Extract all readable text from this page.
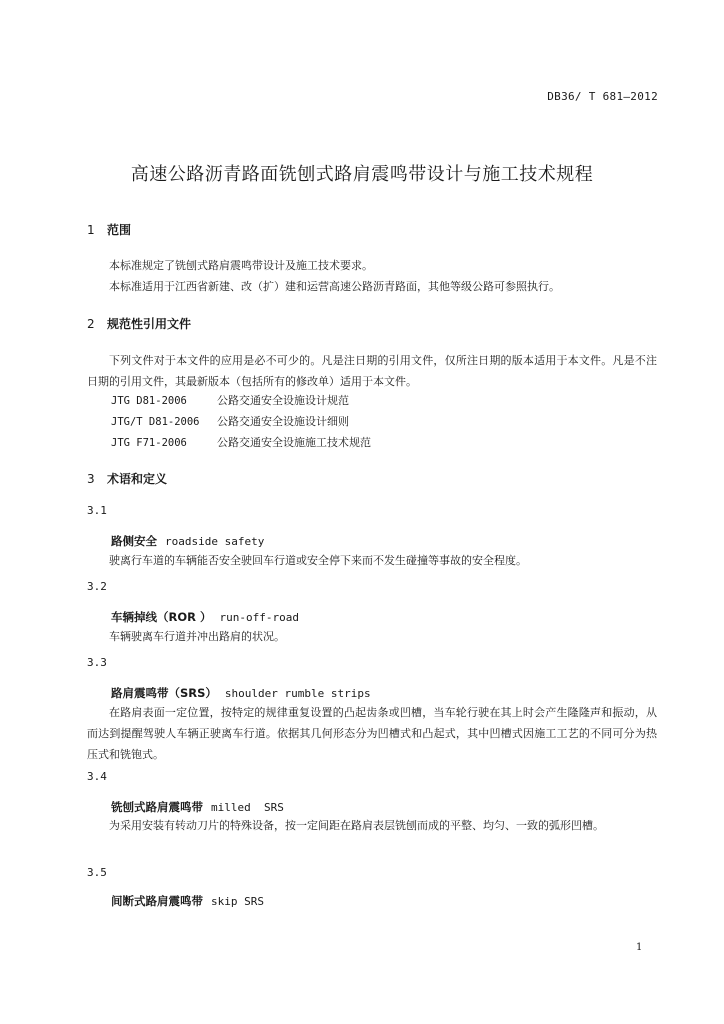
DB36/ T 681—2012
高速公路沥青路面铣刨式路肩震鸣带设计与施工技术规程
1 范围
本标准规定了铣刨式路肩震鸣带设计及施工技术要求。
本标准适用于江西省新建、改（扩）建和运营高速公路沥青路面，其他等级公路可参照执行。
2 规范性引用文件
下列文件对于本文件的应用是必不可少的。凡是注日期的引用文件，仅所注日期的版本适用于本文件。凡是不注日期的引用文件，其最新版本（包括所有的修改单）适用于本文件。
JTG D81-2006	公路交通安全设施设计规范
JTG/T D81-2006 公路交通安全设施设计细则
JTG F71-2006	公路交通安全设施施工技术规范
3 术语和定义
3.1
路侧安全 roadside safety
驶离行车道的车辆能否安全驶回车行道或安全停下来而不发生碰撞等事故的安全程度。
3.2
车辆掉线（ROR ） run-off-road
车辆驶离车行道并冲出路肩的状况。
3.3
路肩震鸣带（SRS） shoulder rumble strips
在路肩表面一定位置，按特定的规律重复设置的凸起齿条或凹槽，当车轮行驶在其上时会产生隆隆声和振动，从而达到提醒驾驶人车辆正驶离车行道。依据其几何形态分为凹槽式和凸起式，其中凹槽式因施工工艺的不同可分为热压式和铣铇式。
3.4
铣刨式路肩震鸣带 milled  SRS
为采用安装有转动刀片的特殊设备，按一定间距在路肩表层铣刨而成的平整、均匀、一致的弧形凹槽。
3.5
间断式路肩震鸣带 skip SRS
1
